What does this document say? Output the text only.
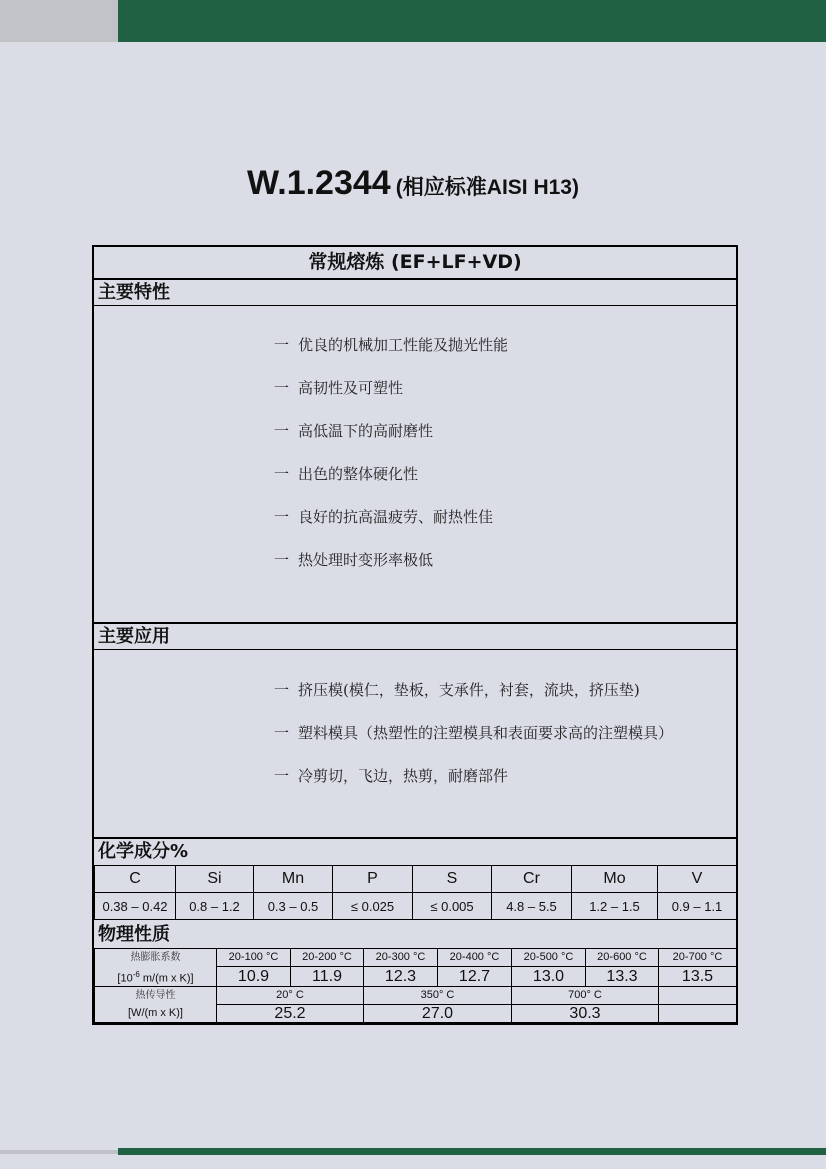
W.1.2344 (相应标准AISI H13)
常规熔炼 (EF+LF+VD)
主要特性
一 优良的机械加工性能及抛光性能
一 高韧性及可塑性
一 高低温下的高耐磨性
一 出色的整体硬化性
一 良好的抗高温疲劳、耐热性佳
一 热处理时变形率极低
主要应用
一 挤压模(模仁，垫板，支承件，衬套，流块，挤压垫)
一 塑料模具（热塑性的注塑模具和表面要求高的注塑模具）
一 冷剪切，飞边，热剪，耐磨部件
化学成分%
C	Si	Mn	P	S	Cr	Mo	V
0.38 – 0.42	0.8 – 1.2	0.3 – 0.5	≤ 0.025	≤ 0.005	4.8 – 5.5	1.2 – 1.5	0.9 – 1.1
物理性质
热膨胀系数	20-100 °C	20-200 °C	20-300 °C	20-400 °C	20-500 °C	20-600 °C	20-700 °C
[$10^{-6}$ m/(m x K)]	10.9	11.9	12.3	12.7	13.0	13.3	13.5
热传导性	20° C		350° C		700° C		
[W/(m x K)]	25.2		27.0		30.3		
